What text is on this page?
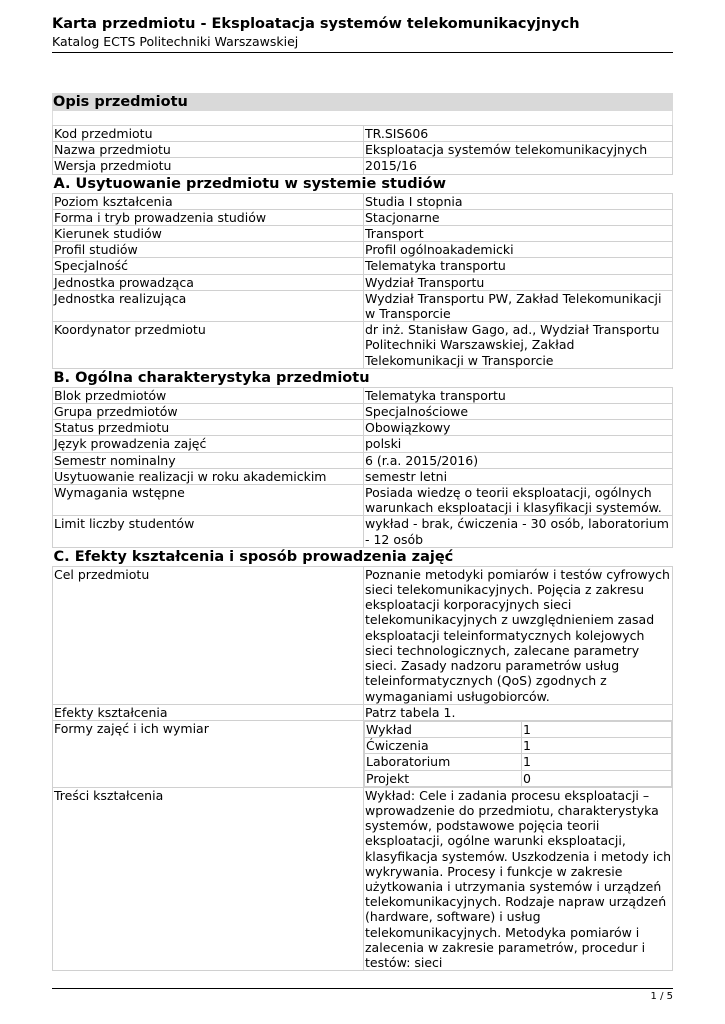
Karta przedmiotu - Eksploatacja systemów telekomunikacyjnych
Katalog ECTS Politechniki Warszawskiej
Opis przedmiotu
Kod przedmiotu	TR.SIS606
Nazwa przedmiotu	Eksploatacja systemów telekomunikacyjnych
Wersja przedmiotu	2015/16
A. Usytuowanie przedmiotu w systemie studiów
Poziom kształcenia	Studia I stopnia
Forma i tryb prowadzenia studiów	Stacjonarne
Kierunek studiów	Transport
Profil studiów	Profil ogólnoakademicki
Specjalność	Telematyka transportu
Jednostka prowadząca	Wydział Transportu
Jednostka realizująca	Wydział Transportu PW, Zakład Telekomunikacji w Transporcie
Koordynator przedmiotu	dr inż. Stanisław Gago, ad., Wydział Transportu Politechniki Warszawskiej, Zakład Telekomunikacji w Transporcie
B. Ogólna charakterystyka przedmiotu
Blok przedmiotów	Telematyka transportu
Grupa przedmiotów	Specjalnościowe
Status przedmiotu	Obowiązkowy
Język prowadzenia zajęć	polski
Semestr nominalny	6 (r.a. 2015/2016)
Usytuowanie realizacji w roku akademickim	semestr letni
Wymagania wstępne	Posiada wiedzę o teorii eksploatacji, ogólnych warunkach eksploatacji i klasyfikacji systemów.
Limit liczby studentów	wykład - brak, ćwiczenia - 30 osób, laboratorium - 12 osób
C. Efekty kształcenia i sposób prowadzenia zajęć
Cel przedmiotu	Poznanie metodyki pomiarów i testów cyfrowych sieci telekomunikacyjnych. Pojęcia z zakresu eksploatacji korporacyjnych sieci telekomunikacyjnych z uwzględnieniem zasad eksploatacji teleinformatycznych kolejowych sieci technologicznych, zalecane parametry sieci. Zasady nadzoru parametrów usług teleinformatycznych (QoS) zgodnych z wymaganiami usługobiorców.
Efekty kształcenia	Patrz tabela 1.
Formy zajęć i ich wymiar		Wykład	1
Ćwiczenia	1
Laboratorium	1
Projekt	0

Treści kształcenia	Wykład: Cele i zadania procesu eksploatacji – wprowadzenie do przedmiotu, charakterystyka systemów, podstawowe pojęcia teorii eksploatacji, ogólne warunki eksploatacji, klasyfikacja systemów. Uszkodzenia i metody ich wykrywania. Procesy i funkcje w zakresie użytkowania i utrzymania systemów i urządzeń telekomunikacyjnych. Rodzaje napraw urządzeń (hardware, software) i usług telekomunikacyjnych. Metodyka pomiarów i zalecenia w zakresie parametrów, procedur i testów: sieci
1 / 5
